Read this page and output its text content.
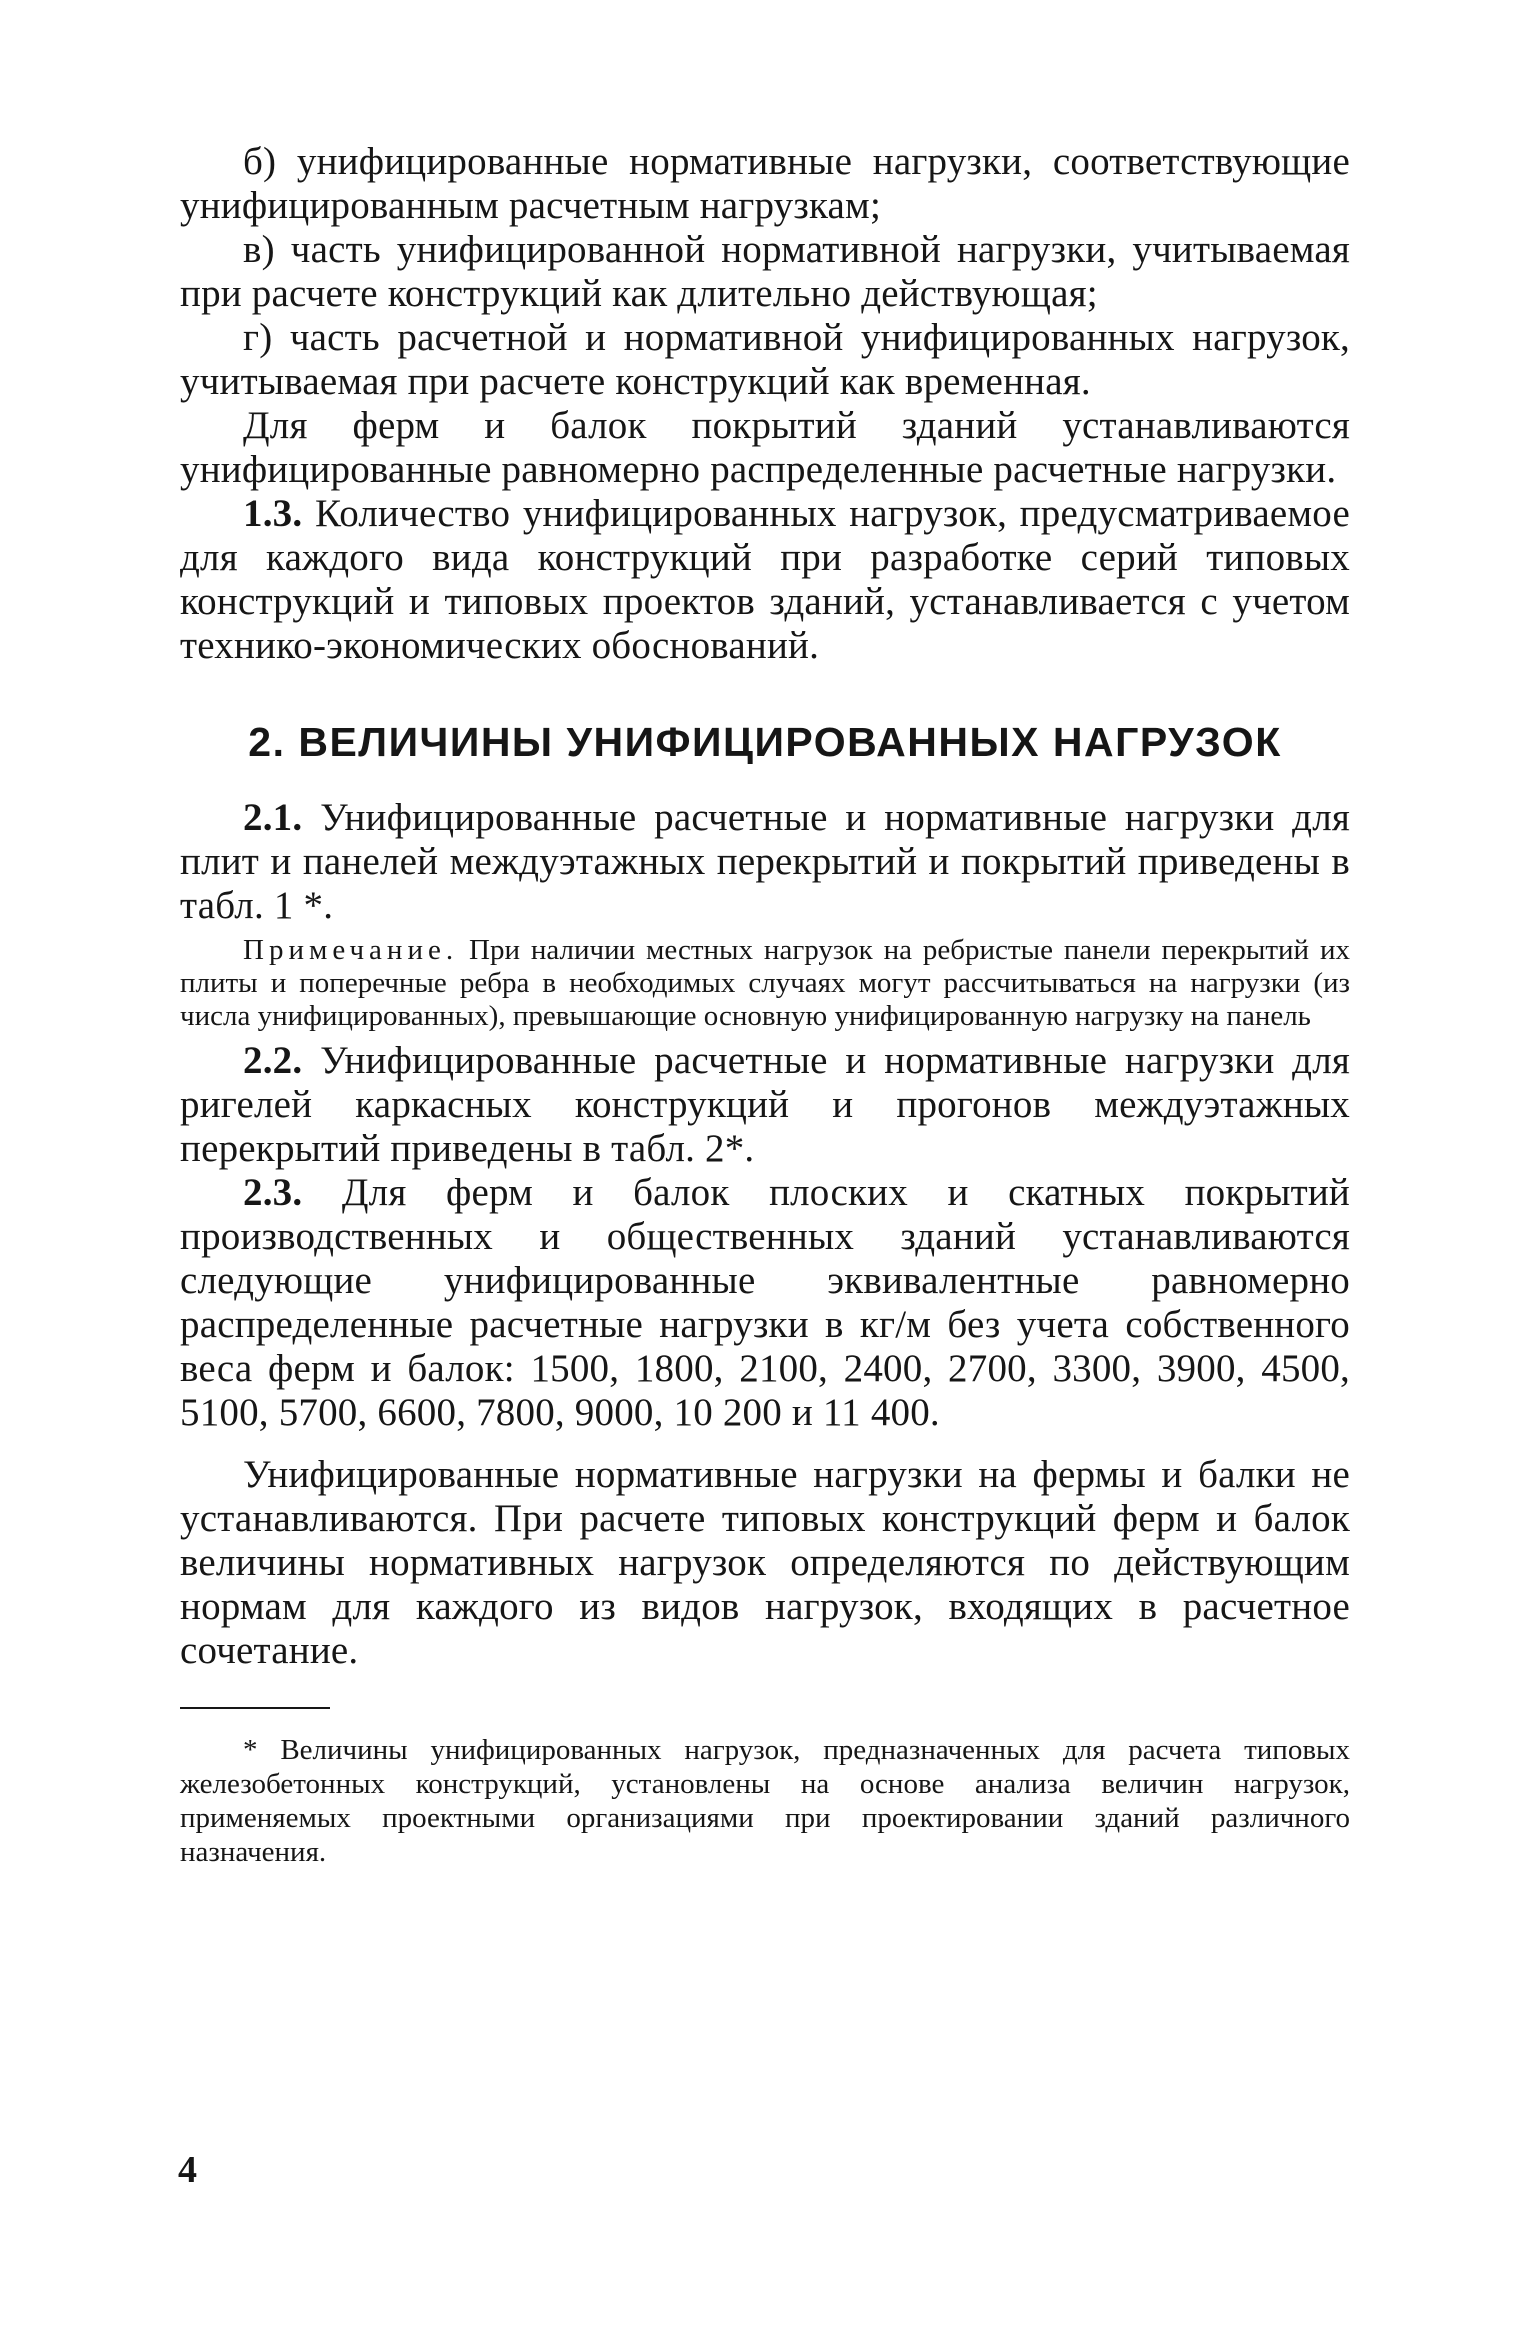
б) унифицированные нормативные нагрузки, соответствующие унифицированным расчетным нагрузкам;

в) часть унифицированной нормативной нагрузки, учитываемая при расчете конструкций как длительно действующая;

г) часть расчетной и нормативной унифицированных нагрузок, учитываемая при расчете конструкций как временная.

Для ферм и балок покрытий зданий устанавливаются унифицированные равномерно распределенные расчетные нагрузки.

1.3. Количество унифицированных нагрузок, предусматриваемое для каждого вида конструкций при разработке серий типовых конструкций и типовых проектов зданий, устанавливается с учетом технико-экономических обоснований.

2. ВЕЛИЧИНЫ УНИФИЦИРОВАННЫХ НАГРУЗОК

2.1. Унифицированные расчетные и нормативные нагрузки для плит и панелей междуэтажных перекрытий и покрытий приведены в табл. 1 *.

Примечание. При наличии местных нагрузок на ребристые панели перекрытий их плиты и поперечные ребра в необходимых случаях могут рассчитываться на нагрузки (из числа унифицированных), превышающие основную унифицированную нагрузку на панель

2.2. Унифицированные расчетные и нормативные нагрузки для ригелей каркасных конструкций и прогонов междуэтажных перекрытий приведены в табл. 2*.

2.3. Для ферм и балок плоских и скатных покрытий производственных и общественных зданий устанавливаются следующие унифицированные эквивалентные равномерно распределенные расчетные нагрузки в кг/м без учета собственного веса ферм и балок: 1500, 1800, 2100, 2400, 2700, 3300, 3900, 4500, 5100, 5700, 6600, 7800, 9000, 10 200 и 11 400.

Унифицированные нормативные нагрузки на фермы и балки не устанавливаются. При расчете типовых конструкций ферм и балок величины нормативных нагрузок определяются по действующим нормам для каждого из видов нагрузок, входящих в расчетное сочетание.

* Величины унифицированных нагрузок, предназначенных для расчета типовых железобетонных конструкций, установлены на основе анализа величин нагрузок, применяемых проектными организациями при проектировании зданий различного назначения.

4
